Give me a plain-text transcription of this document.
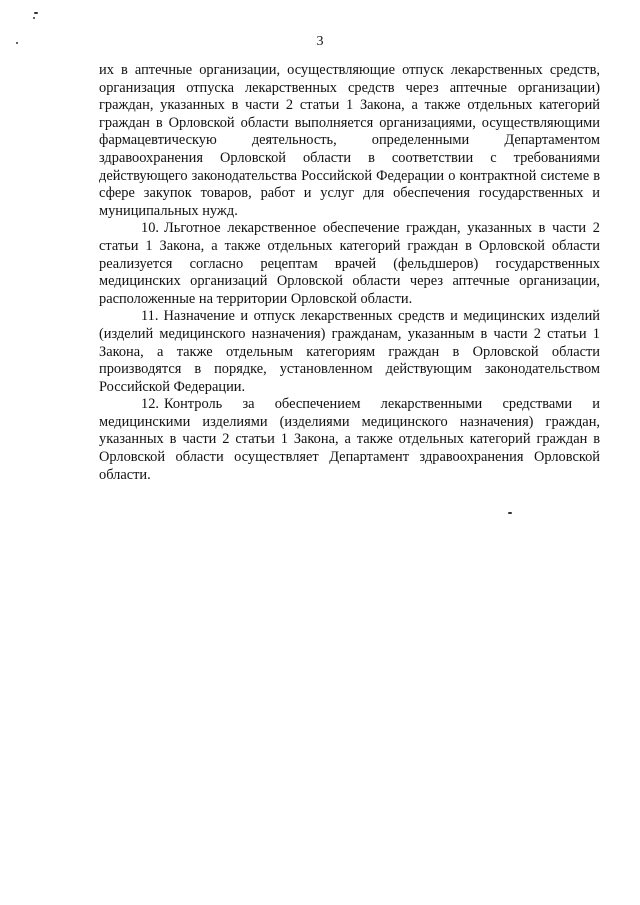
3

их в аптечные организации, осуществляющие отпуск лекарственных средств, организация отпуска лекарственных средств через аптечные организации) граждан, указанных в части 2 статьи 1 Закона, а также отдельных категорий граждан в Орловской области выполняется организациями, осуществляющими фармацевтическую деятельность, определенными Департаментом здравоохранения Орловской области в соответствии с требованиями действующего законодательства Российской Федерации о контрактной системе в сфере закупок товаров, работ и услуг для обеспечения государственных и муниципальных нужд.

10. Льготное лекарственное обеспечение граждан, указанных в части 2 статьи 1 Закона, а также отдельных категорий граждан в Орловской области реализуется согласно рецептам врачей (фельдшеров) государственных медицинских организаций Орловской области через аптечные организации, расположенные на территории Орловской области.

11. Назначение и отпуск лекарственных средств и медицинских изделий (изделий медицинского назначения) гражданам, указанным в части 2 статьи 1 Закона, а также отдельным категориям граждан в Орловской области производятся в порядке, установленном действующим законодательством Российской Федерации.

12. Контроль за обеспечением лекарственными средствами и медицинскими изделиями (изделиями медицинского назначения) граждан, указанных в части 2 статьи 1 Закона, а также отдельных категорий граждан в Орловской области осуществляет Департамент здравоохранения Орловской области.
